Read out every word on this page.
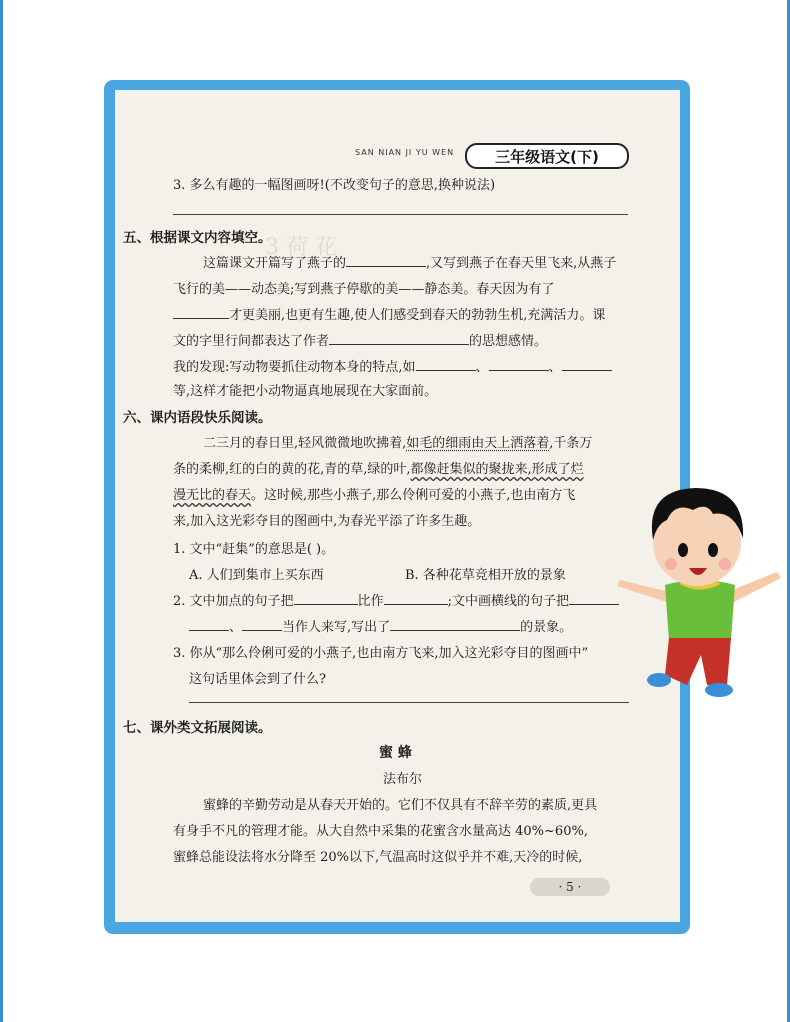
3 荷 花
SAN NIAN JI YU WEN	三年级语文(下)
3. 多么有趣的一幅图画呀!(不改变句子的意思,换种说法)
五、根据课文内容填空。
这篇课文开篇写了燕子的	,又写到燕子在春天里飞来,从燕子
飞行的美——动态美;写到燕子停歇的美——静态美。春天因为有了
才更美丽,也更有生趣,使人们感受到春天的勃勃生机,充满活力。课
文的字里行间都表达了作者	的思想感情。
我的发现:写动物要抓住动物本身的特点,如	、	、
等,这样才能把小动物逼真地展现在大家面前。
六、课内语段快乐阅读。
二三月的春日里,轻风微微地吹拂着,如毛的细雨由天上洒落着,千条万
条的柔柳,红的白的黄的花,青的草,绿的叶,都像赶集似的聚拢来,形成了烂
漫无比的春天。这时候,那些小燕子,那么伶俐可爱的小燕子,也由南方飞
来,加入这光彩夺目的图画中,为春光平添了许多生趣。
1. 文中“赶集”的意思是( )。
A. 人们到集市上买东西	B. 各种花草竞相开放的景象
2. 文中加点的句子把	比作	;文中画横线的句子把
、	当作人来写,写出了	的景象。
3. 你从“那么伶俐可爱的小燕子,也由南方飞来,加入这光彩夺目的图画中”
这句话里体会到了什么?
七、课外类文拓展阅读。
蜜 蜂
法布尔
蜜蜂的辛勤劳动是从春天开始的。它们不仅具有不辞辛劳的素质,更具
有身手不凡的管理才能。从大自然中采集的花蜜含水量高达 40%~60%,
蜜蜂总能设法将水分降至 20%以下,气温高时这似乎并不难,天冷的时候,
· 5 ·
